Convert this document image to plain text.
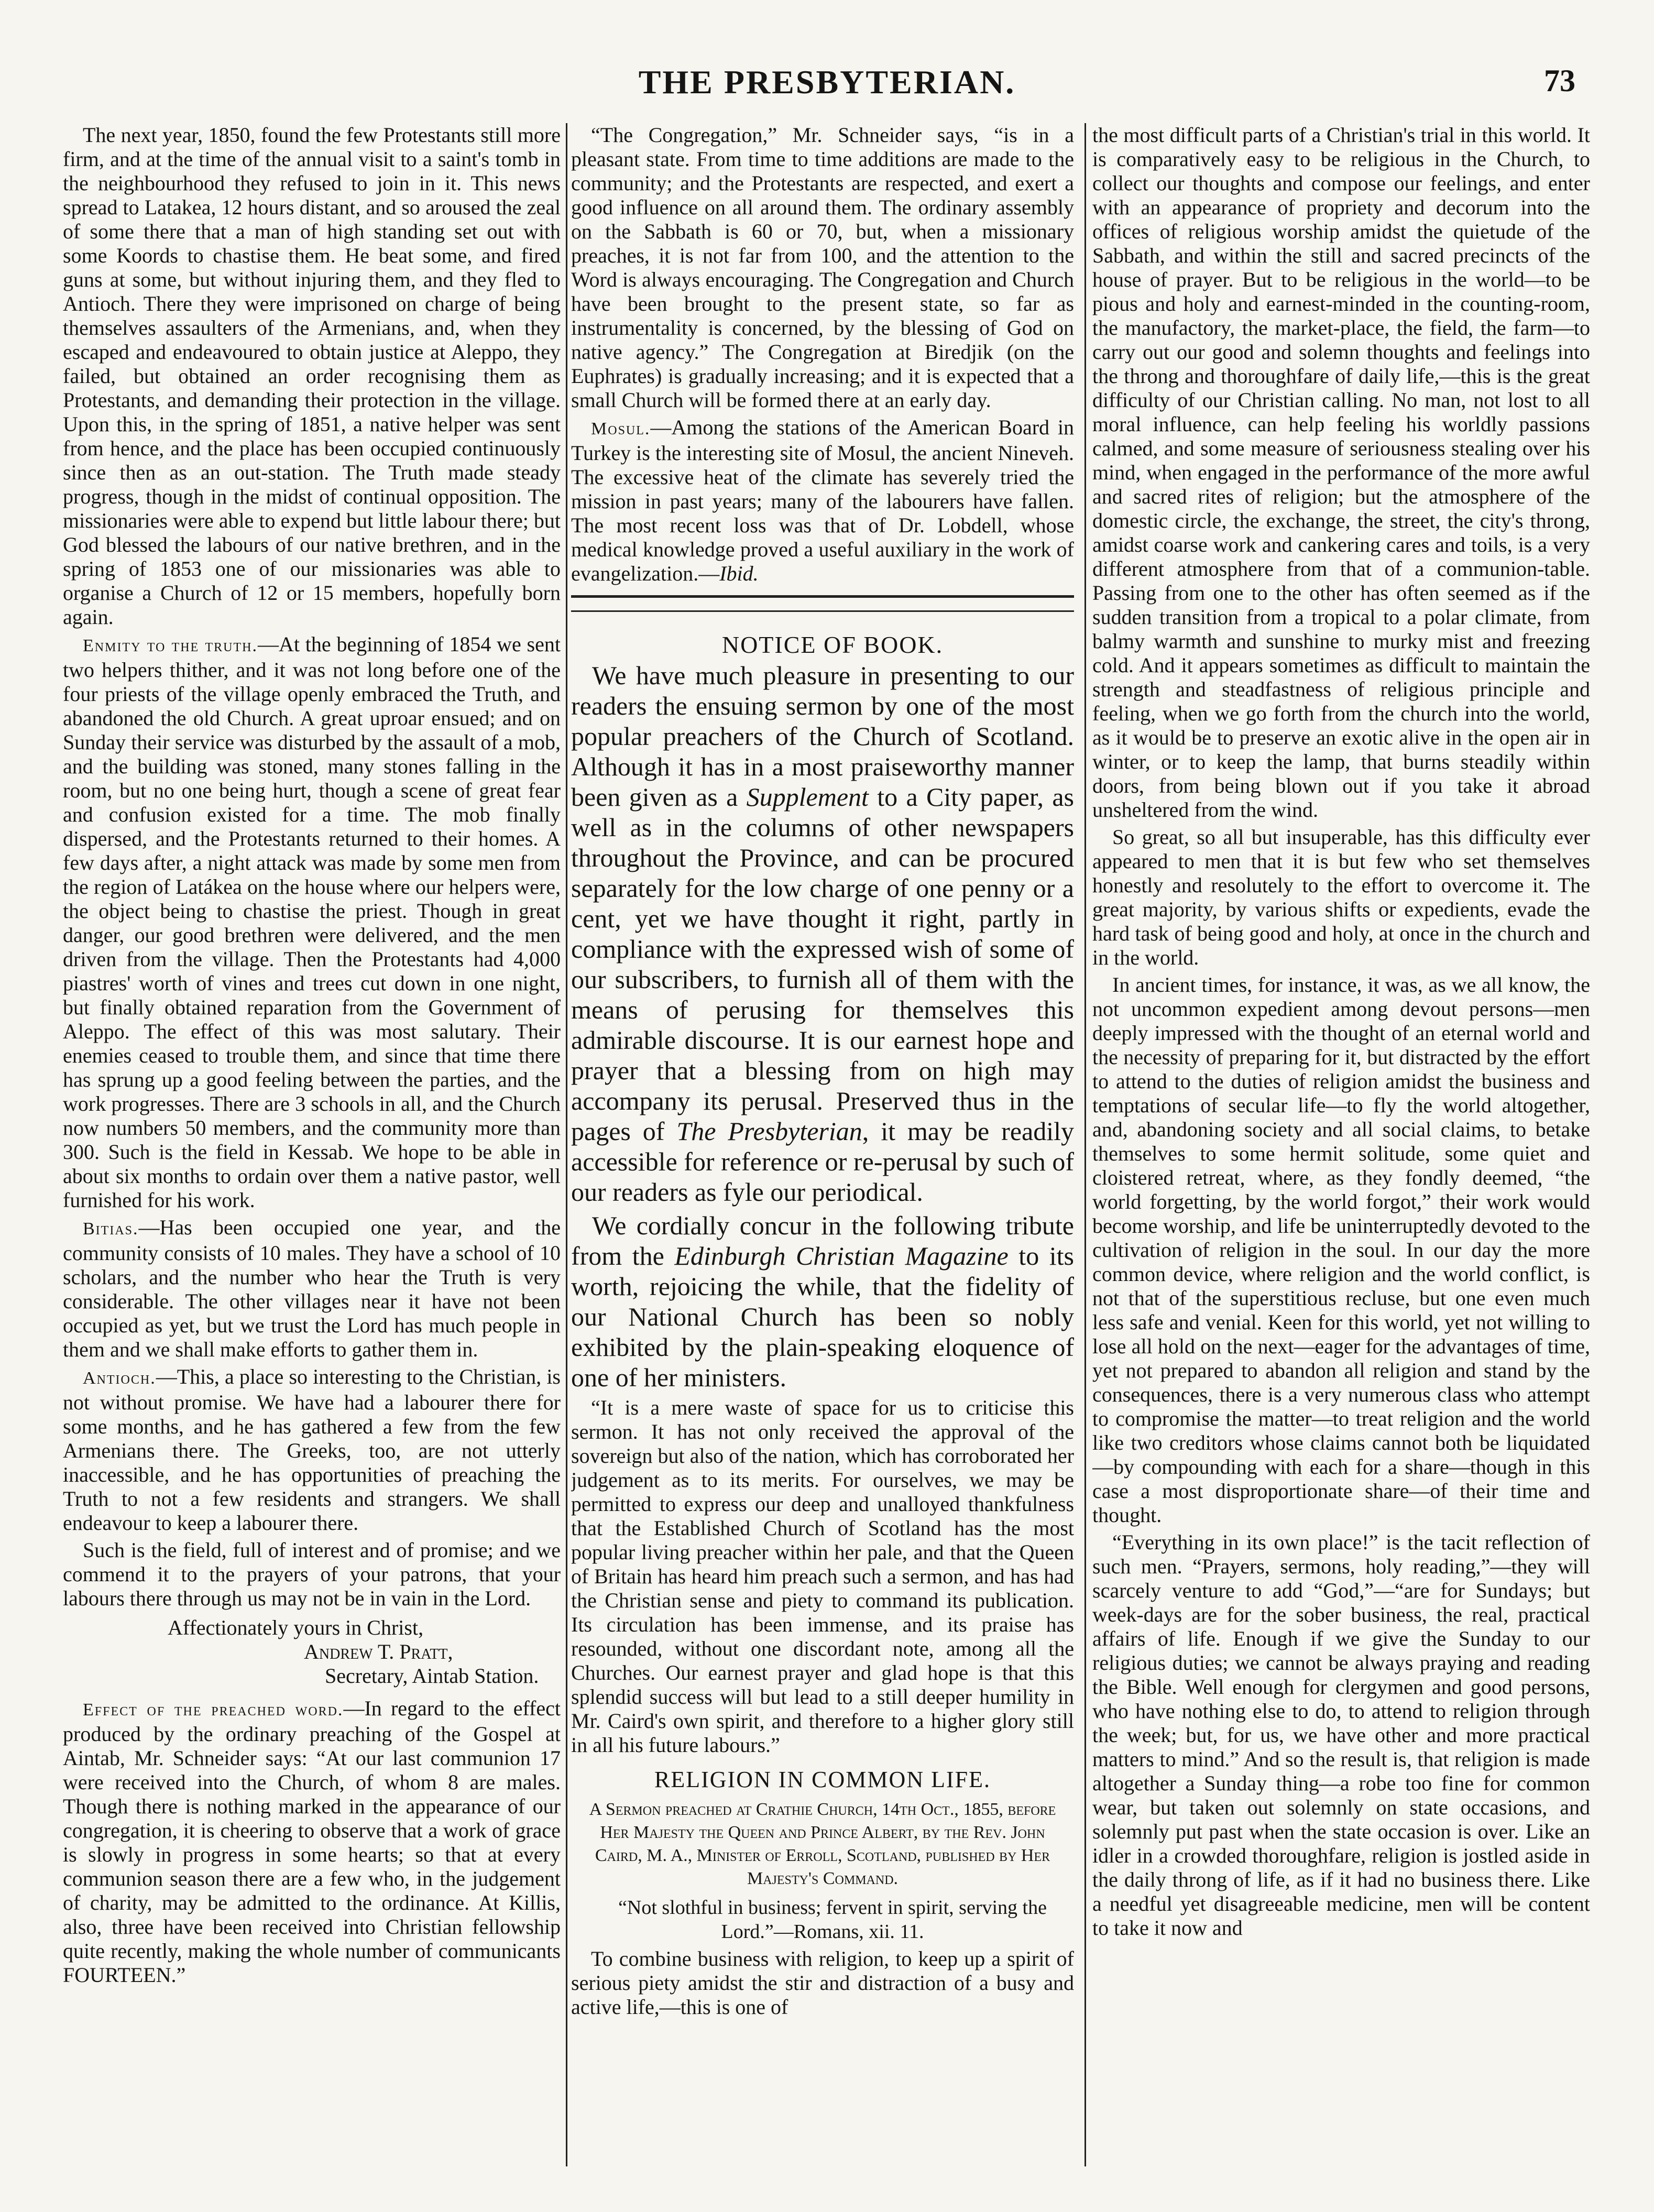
THE PRESBYTERIAN.	73

The next year, 1850, found the few Protestants still more firm, and at the time of the annual visit to a saint's tomb in the neighbourhood they refused to join in it. This news spread to Latakea, 12 hours distant, and so aroused the zeal of some there that a man of high standing set out with some Koords to chastise them. He beat some, and fired guns at some, but without injuring them, and they fled to Antioch. There they were imprisoned on charge of being themselves assaulters of the Armenians, and, when they escaped and endeavoured to obtain justice at Aleppo, they failed, but obtained an order recognising them as Protestants, and demanding their protection in the village. Upon this, in the spring of 1851, a native helper was sent from hence, and the place has been occupied continuously since then as an out-station. The Truth made steady progress, though in the midst of continual opposition. The missionaries were able to expend but little labour there; but God blessed the labours of our native brethren, and in the spring of 1853 one of our missionaries was able to organise a Church of 12 or 15 members, hopefully born again.

Enmity to the truth.—At the beginning of 1854 we sent two helpers thither, and it was not long before one of the four priests of the village openly embraced the Truth, and abandoned the old Church. A great uproar ensued; and on Sunday their service was disturbed by the assault of a mob, and the building was stoned, many stones falling in the room, but no one being hurt, though a scene of great fear and confusion existed for a time. The mob finally dispersed, and the Protestants returned to their homes. A few days after, a night attack was made by some men from the region of Latákea on the house where our helpers were, the object being to chastise the priest. Though in great danger, our good brethren were delivered, and the men driven from the village. Then the Protestants had 4,000 piastres' worth of vines and trees cut down in one night, but finally obtained reparation from the Government of Aleppo. The effect of this was most salutary. Their enemies ceased to trouble them, and since that time there has sprung up a good feeling between the parties, and the work progresses. There are 3 schools in all, and the Church now numbers 50 members, and the community more than 300. Such is the field in Kessab. We hope to be able in about six months to ordain over them a native pastor, well furnished for his work.

Bitias.—Has been occupied one year, and the community consists of 10 males. They have a school of 10 scholars, and the number who hear the Truth is very considerable. The other villages near it have not been occupied as yet, but we trust the Lord has much people in them and we shall make efforts to gather them in.

Antioch.—This, a place so interesting to the Christian, is not without promise. We have had a labourer there for some months, and he has gathered a few from the few Armenians there. The Greeks, too, are not utterly inaccessible, and he has opportunities of preaching the Truth to not a few residents and strangers. We shall endeavour to keep a labourer there.

Such is the field, full of interest and of promise; and we commend it to the prayers of your patrons, that your labours there through us may not be in vain in the Lord.

Affectionately yours in Christ,

Andrew T. Pratt,

Secretary, Aintab Station.

Effect of the preached word.—In regard to the effect produced by the ordinary preaching of the Gospel at Aintab, Mr. Schneider says: “At our last communion 17 were received into the Church, of whom 8 are males. Though there is nothing marked in the appearance of our congregation, it is cheering to observe that a work of grace is slowly in progress in some hearts; so that at every communion season there are a few who, in the judgement of charity, may be admitted to the ordinance. At Killis, also, three have been received into Christian fellowship quite recently, making the whole number of communicants FOURTEEN.”

“The Congregation,” Mr. Schneider says, “is in a pleasant state. From time to time additions are made to the community; and the Protestants are respected, and exert a good influence on all around them. The ordinary assembly on the Sabbath is 60 or 70, but, when a missionary preaches, it is not far from 100, and the attention to the Word is always encouraging. The Congregation and Church have been brought to the present state, so far as instrumentality is concerned, by the blessing of God on native agency.” The Congregation at Biredjik (on the Euphrates) is gradually increasing; and it is expected that a small Church will be formed there at an early day.

Mosul.—Among the stations of the American Board in Turkey is the interesting site of Mosul, the ancient Nineveh. The excessive heat of the climate has severely tried the mission in past years; many of the labourers have fallen. The most recent loss was that of Dr. Lobdell, whose medical knowledge proved a useful auxiliary in the work of evangelization.—Ibid.

NOTICE OF BOOK.

We have much pleasure in presenting to our readers the ensuing sermon by one of the most popular preachers of the Church of Scotland. Although it has in a most praiseworthy manner been given as a Supplement to a City paper, as well as in the columns of other newspapers throughout the Province, and can be procured separately for the low charge of one penny or a cent, yet we have thought it right, partly in compliance with the expressed wish of some of our subscribers, to furnish all of them with the means of perusing for themselves this admirable discourse. It is our earnest hope and prayer that a blessing from on high may accompany its perusal. Preserved thus in the pages of The Presbyterian, it may be readily accessible for reference or re-perusal by such of our readers as fyle our periodical.

We cordially concur in the following tribute from the Edinburgh Christian Magazine to its worth, rejoicing the while, that the fidelity of our National Church has been so nobly exhibited by the plain-speaking eloquence of one of her ministers.

“It is a mere waste of space for us to criticise this sermon. It has not only received the approval of the sovereign but also of the nation, which has corroborated her judgement as to its merits. For ourselves, we may be permitted to express our deep and unalloyed thankfulness that the Established Church of Scotland has the most popular living preacher within her pale, and that the Queen of Britain has heard him preach such a sermon, and has had the Christian sense and piety to command its publication. Its circulation has been immense, and its praise has resounded, without one discordant note, among all the Churches. Our earnest prayer and glad hope is that this splendid success will but lead to a still deeper humility in Mr. Caird's own spirit, and therefore to a higher glory still in all his future labours.”

RELIGION IN COMMON LIFE.
A Sermon preached at Crathie Church, 14th Oct., 1855, before Her Majesty the Queen and Prince Albert, by the Rev. John Caird, M. A., Minister of Erroll, Scotland, published by Her Majesty's Command.

“Not slothful in business; fervent in spirit, serving the Lord.”—Romans, xii. 11.

To combine business with religion, to keep up a spirit of serious piety amidst the stir and distraction of a busy and active life,—this is one of

the most difficult parts of a Christian's trial in this world. It is comparatively easy to be religious in the Church, to collect our thoughts and compose our feelings, and enter with an appearance of propriety and decorum into the offices of religious worship amidst the quietude of the Sabbath, and within the still and sacred precincts of the house of prayer. But to be religious in the world—to be pious and holy and earnest-minded in the counting-room, the manufactory, the market-place, the field, the farm—to carry out our good and solemn thoughts and feelings into the throng and thoroughfare of daily life,—this is the great difficulty of our Christian calling. No man, not lost to all moral influence, can help feeling his worldly passions calmed, and some measure of seriousness stealing over his mind, when engaged in the performance of the more awful and sacred rites of religion; but the atmosphere of the domestic circle, the exchange, the street, the city's throng, amidst coarse work and cankering cares and toils, is a very different atmosphere from that of a communion-table. Passing from one to the other has often seemed as if the sudden transition from a tropical to a polar climate, from balmy warmth and sunshine to murky mist and freezing cold. And it appears sometimes as difficult to maintain the strength and steadfastness of religious principle and feeling, when we go forth from the church into the world, as it would be to preserve an exotic alive in the open air in winter, or to keep the lamp, that burns steadily within doors, from being blown out if you take it abroad unsheltered from the wind.

So great, so all but insuperable, has this difficulty ever appeared to men that it is but few who set themselves honestly and resolutely to the effort to overcome it. The great majority, by various shifts or expedients, evade the hard task of being good and holy, at once in the church and in the world.

In ancient times, for instance, it was, as we all know, the not uncommon expedient among devout persons—men deeply impressed with the thought of an eternal world and the necessity of preparing for it, but distracted by the effort to attend to the duties of religion amidst the business and temptations of secular life—to fly the world altogether, and, abandoning society and all social claims, to betake themselves to some hermit solitude, some quiet and cloistered retreat, where, as they fondly deemed, “the world forgetting, by the world forgot,” their work would become worship, and life be uninterruptedly devoted to the cultivation of religion in the soul. In our day the more common device, where religion and the world conflict, is not that of the superstitious recluse, but one even much less safe and venial. Keen for this world, yet not willing to lose all hold on the next—eager for the advantages of time, yet not prepared to abandon all religion and stand by the consequences, there is a very numerous class who attempt to compromise the matter—to treat religion and the world like two creditors whose claims cannot both be liquidated—by compounding with each for a share—though in this case a most disproportionate share—of their time and thought.

“Everything in its own place!” is the tacit reflection of such men. “Prayers, sermons, holy reading,”—they will scarcely venture to add “God,”—“are for Sundays; but week-days are for the sober business, the real, practical affairs of life. Enough if we give the Sunday to our religious duties; we cannot be always praying and reading the Bible. Well enough for clergymen and good persons, who have nothing else to do, to attend to religion through the week; but, for us, we have other and more practical matters to mind.” And so the result is, that religion is made altogether a Sunday thing—a robe too fine for common wear, but taken out solemnly on state occasions, and solemnly put past when the state occasion is over. Like an idler in a crowded thoroughfare, religion is jostled aside in the daily throng of life, as if it had no business there. Like a needful yet disagreeable medicine, men will be content to take it now and
